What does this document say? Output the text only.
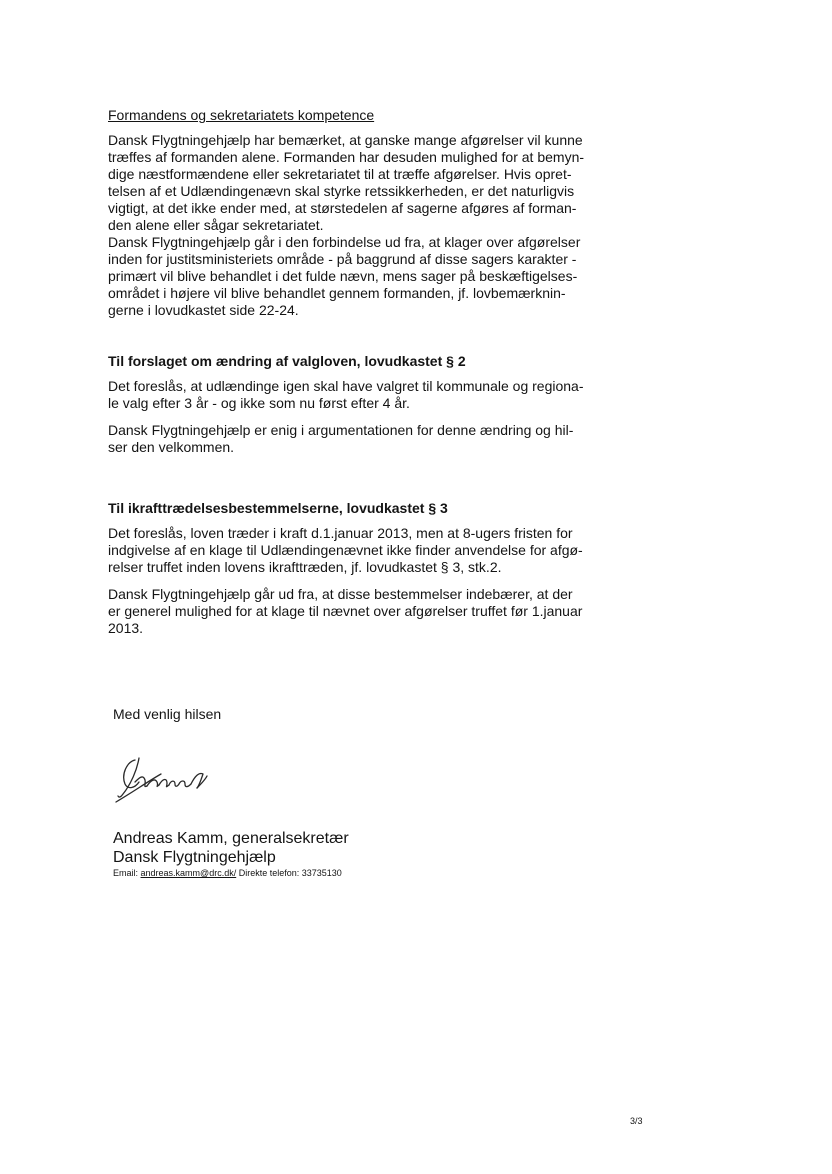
Formandens og sekretariatets kompetence
Dansk Flygtningehjælp har bemærket, at ganske mange afgørelser vil kunne
træffes af formanden alene. Formanden har desuden mulighed for at bemyn-
dige næstformændene eller sekretariatet til at træffe afgørelser. Hvis opret-
telsen af et Udlændingenævn skal styrke retssikkerheden, er det naturligvis
vigtigt, at det ikke ender med, at størstedelen af sagerne afgøres af forman-
den alene eller sågar sekretariatet.
Dansk Flygtningehjælp går i den forbindelse ud fra, at klager over afgørelser
inden for justitsministeriets område - på baggrund af disse sagers karakter -
primært vil blive behandlet i det fulde nævn, mens sager på beskæftigelses-
området i højere vil blive behandlet gennem formanden, jf. lovbemærknin-
gerne i lovudkastet side 22-24.
Til forslaget om ændring af valgloven, lovudkastet § 2
Det foreslås, at udlændinge igen skal have valgret til kommunale og regiona-
le valg efter 3 år - og ikke som nu først efter 4 år.
Dansk Flygtningehjælp er enig i argumentationen for denne ændring og hil-
ser den velkommen.
Til ikrafttrædelsesbestemmelserne, lovudkastet § 3
Det foreslås, loven træder i kraft d.1.januar 2013, men at 8-ugers fristen for
indgivelse af en klage til Udlændingenævnet ikke finder anvendelse for afgø-
relser truffet inden lovens ikrafttræden, jf. lovudkastet § 3, stk.2.
Dansk Flygtningehjælp går ud fra, at disse bestemmelser indebærer, at der
er generel mulighed for at klage til nævnet over afgørelser truffet før 1.januar
2013.
Med venlig hilsen
Andreas Kamm, generalsekretær
Dansk Flygtningehjælp
Email: andreas.kamm@drc.dk/ Direkte telefon: 33735130
3/3
